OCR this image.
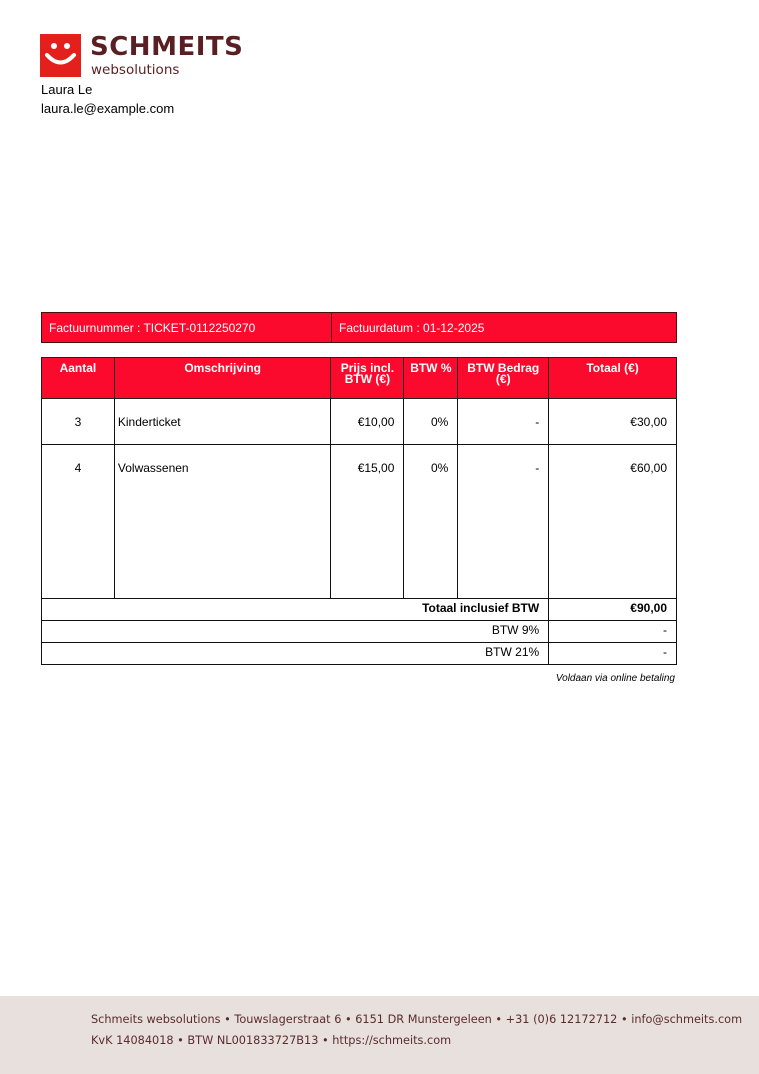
SCHMEITS
websolutions
Laura Le
laura.le@example.com
Factuurnummer : TICKET-0112250270	Factuurdatum : 01-12-2025
Aantal	Omschrijving	Prijs incl. BTW (€)	BTW %	BTW Bedrag (€)	Totaal (€)
3	Kinderticket	€10,00	0%	-	€30,00
4	Volwassenen	€15,00	0%	-	€60,00
Totaal inclusief BTW					€90,00
BTW 9%					-
BTW 21%					-
Voldaan via online betaling
Schmeits websolutions • Touwslagerstraat 6 • 6151 DR Munstergeleen • +31 (0)6 12172712 • info@schmeits.com
KvK 14084018 • BTW NL001833727B13 • https://schmeits.com
